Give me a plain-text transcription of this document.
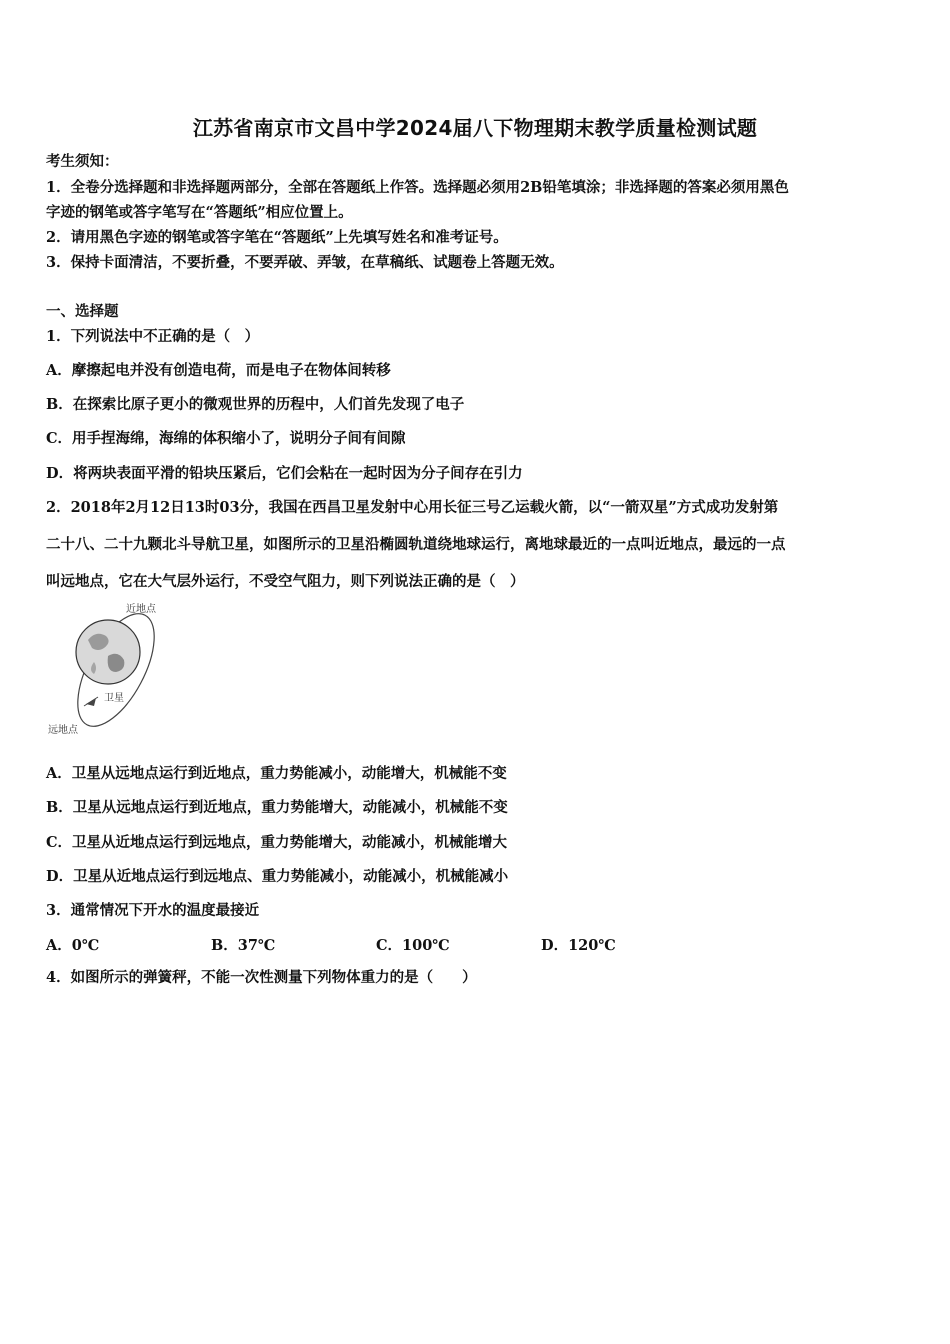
江苏省南京市文昌中学2024届八下物理期末教学质量检测试题
考生须知：
1．全卷分选择题和非选择题两部分，全部在答题纸上作答。选择题必须用2B铅笔填涂；非选择题的答案必须用黑色
字迹的钢笔或答字笔写在“答题纸”相应位置上。
2．请用黑色字迹的钢笔或答字笔在“答题纸”上先填写姓名和准考证号。
3．保持卡面清洁，不要折叠，不要弄破、弄皱，在草稿纸、试题卷上答题无效。
一、选择题
1．下列说法中不正确的是（　）
A．摩擦起电并没有创造电荷，而是电子在物体间转移
B．在探索比原子更小的微观世界的历程中，人们首先发现了电子
C．用手捏海绵，海绵的体积缩小了，说明分子间有间隙
D．将两块表面平滑的铅块压紧后，它们会粘在一起时因为分子间存在引力
2．2018年2月12日13时03分，我国在西昌卫星发射中心用长征三号乙运载火箭，以“一箭双星”方式成功发射第
二十八、二十九颗北斗导航卫星，如图所示的卫星沿椭圆轨道绕地球运行，离地球最近的一点叫近地点，最远的一点
叫远地点，它在大气层外运行，不受空气阻力，则下列说法正确的是（　）
近地点
卫星
远地点
A．卫星从远地点运行到近地点，重力势能减小，动能增大，机械能不变
B．卫星从远地点运行到近地点，重力势能增大，动能减小，机械能不变
C．卫星从近地点运行到远地点，重力势能增大，动能减小，机械能增大
D．卫星从近地点运行到远地点、重力势能减小，动能减小，机械能减小
3．通常情况下开水的温度最接近
A．0℃	B．37℃	C．100℃	D．120℃
4．如图所示的弹簧秤，不能一次性测量下列物体重力的是（　　）
